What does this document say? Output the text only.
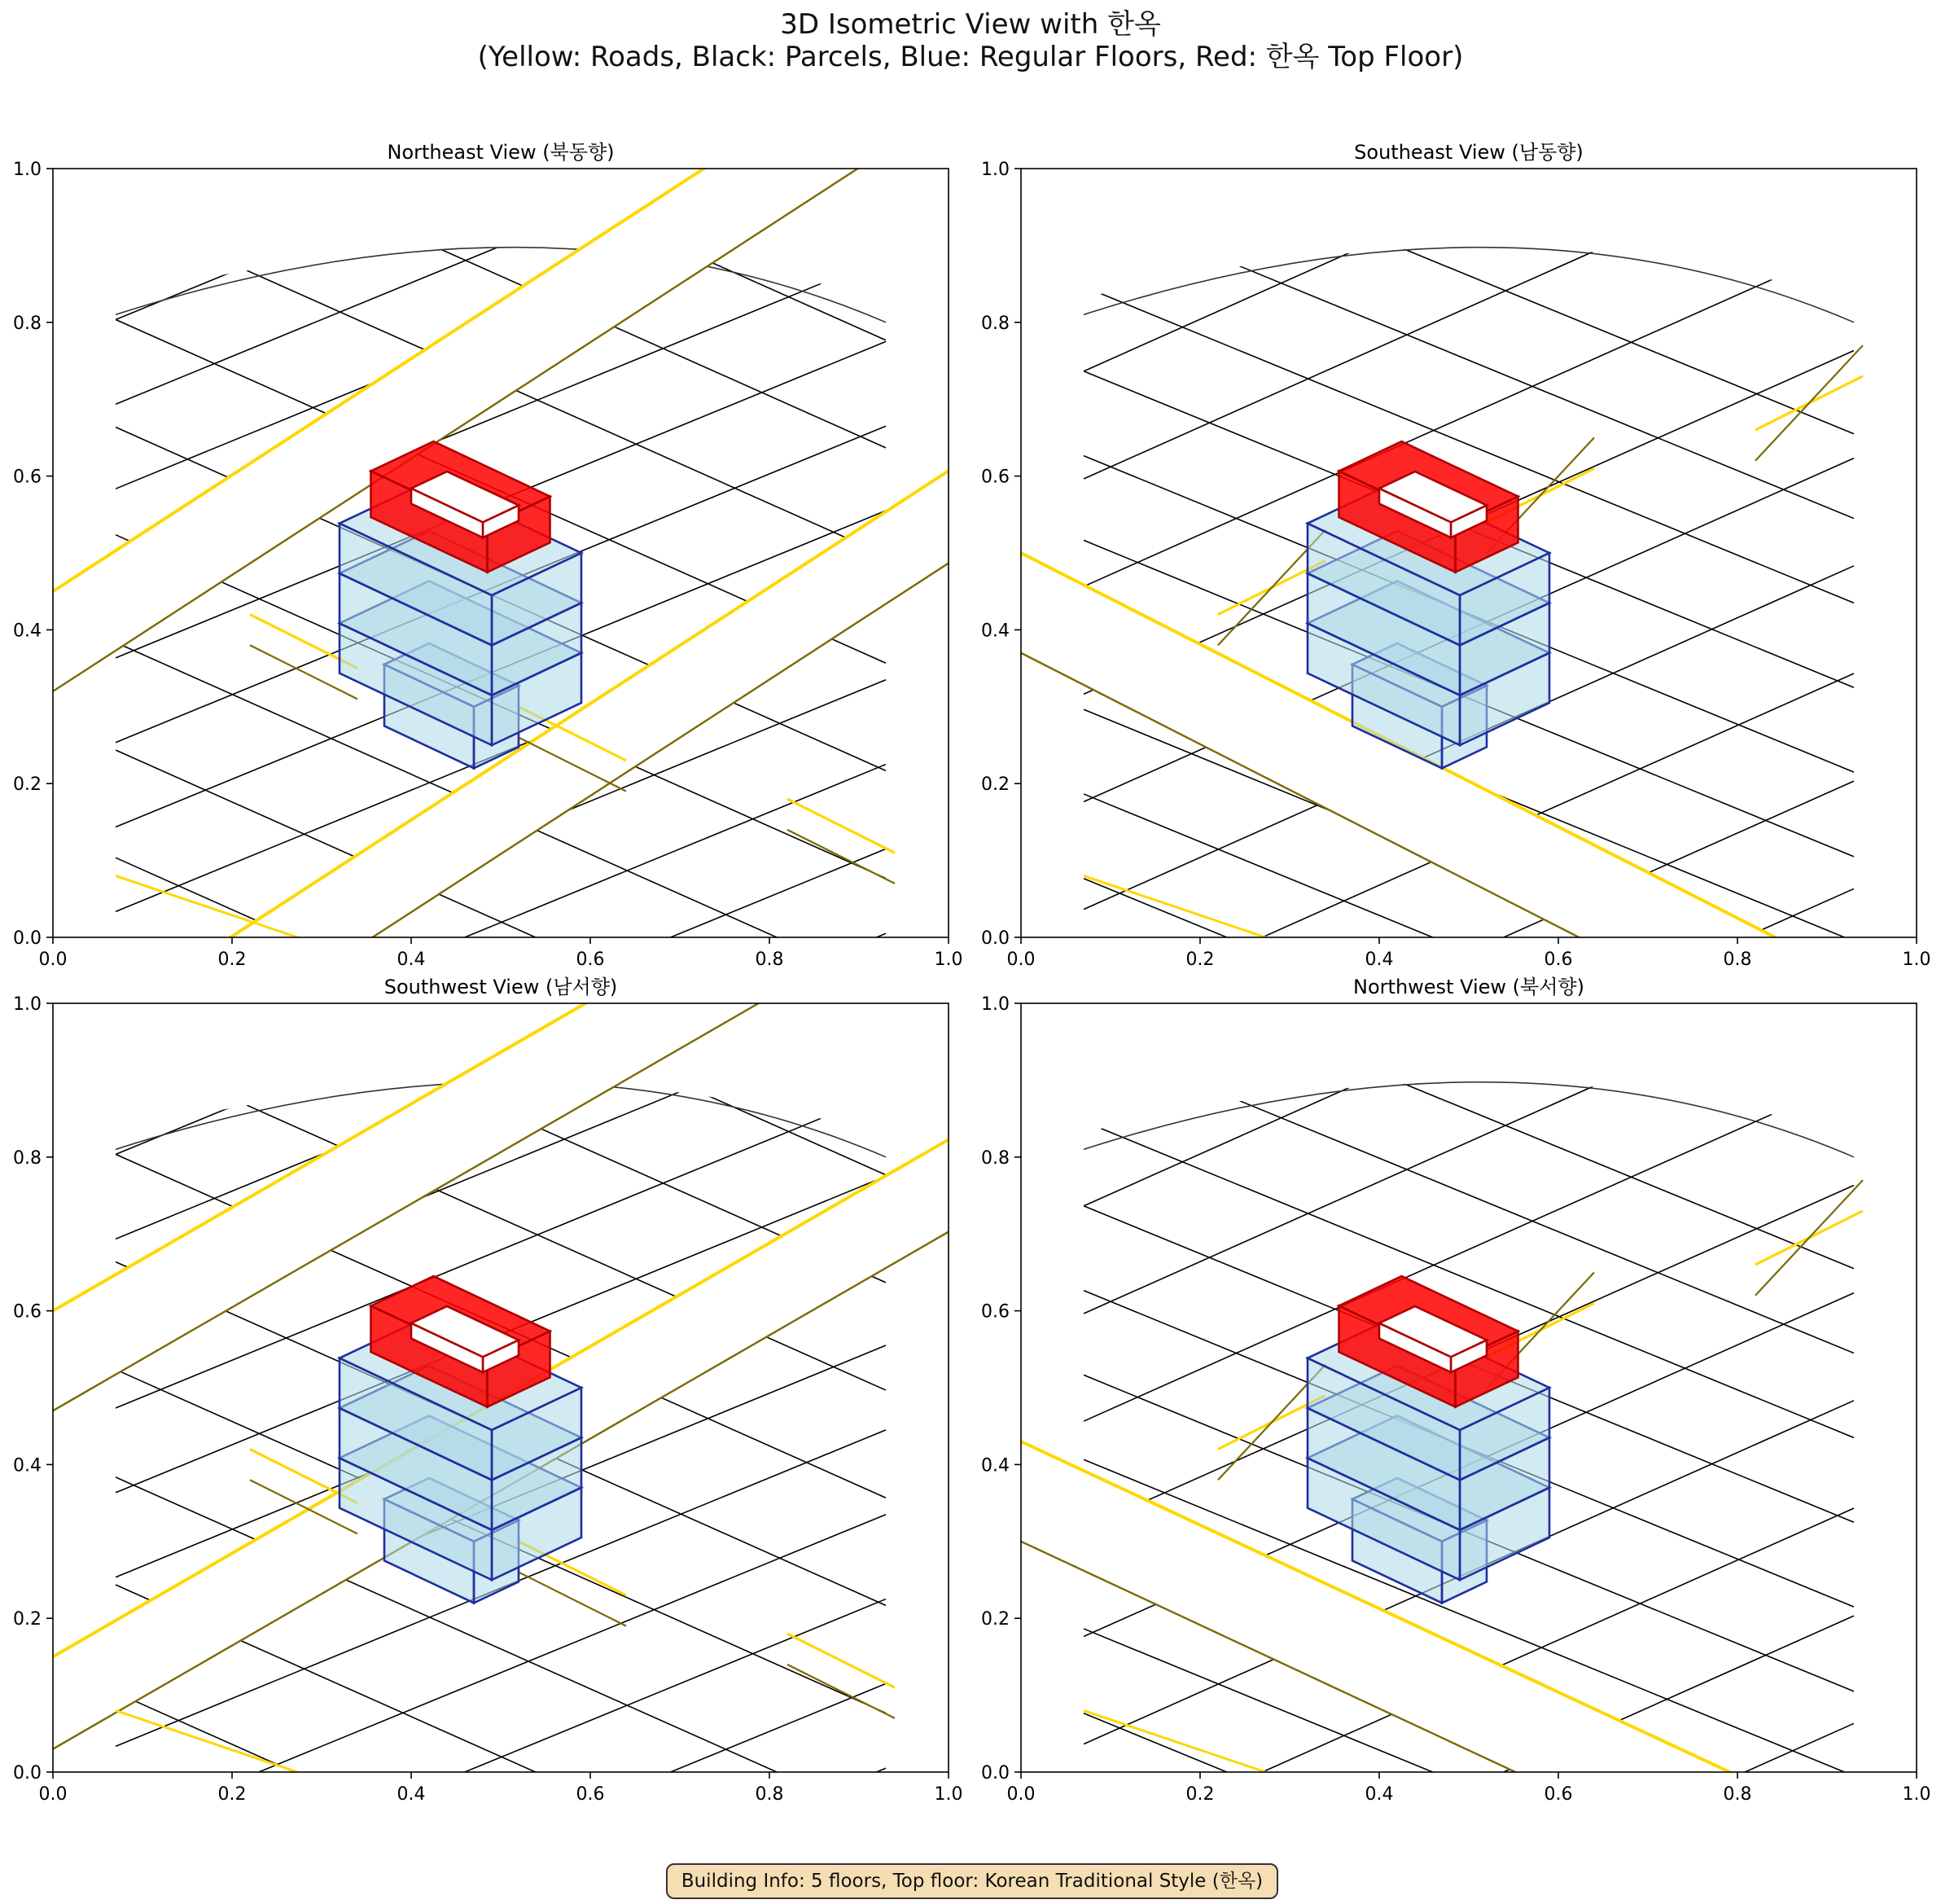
3D Isometric View with 한옥
(Yellow: Roads, Black: Parcels, Blue: Regular Floors, Red: 한옥 Top Floor)
0.0
0.0
0.2
0.2
0.4
0.4
0.6
0.6
0.8
0.8
1.0
1.0
Northeast View (북동향)
0.0
0.0
0.2
0.2
0.4
0.4
0.6
0.6
0.8
0.8
1.0
1.0
Southeast View (남동향)
0.0
0.0
0.2
0.2
0.4
0.4
0.6
0.6
0.8
0.8
1.0
1.0
Southwest View (남서향)
0.0
0.0
0.2
0.2
0.4
0.4
0.6
0.6
0.8
0.8
1.0
1.0
Northwest View (북서향)
Building Info: 5 floors, Top floor: Korean Traditional Style (한옥)
